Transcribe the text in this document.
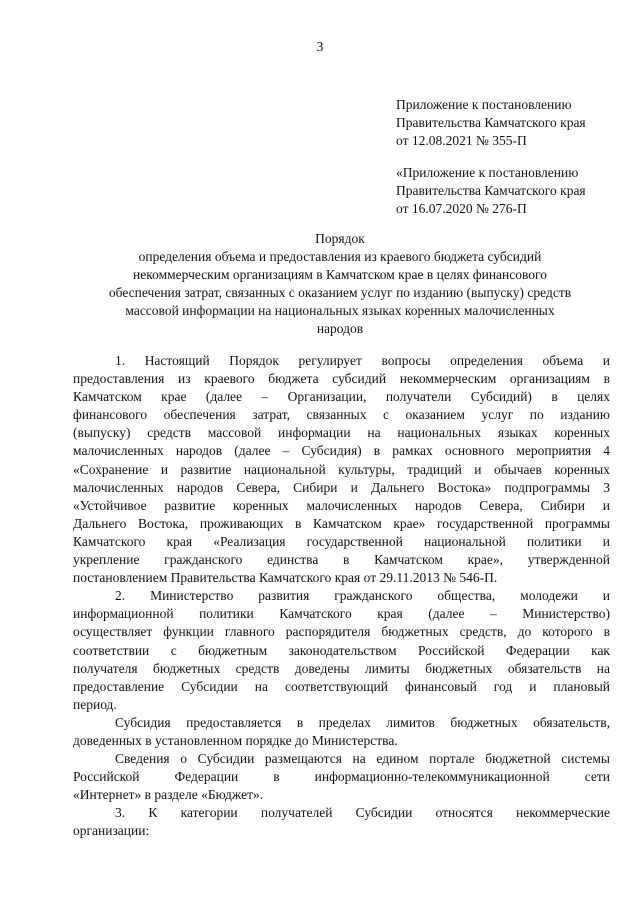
3
Приложение к постановлению
Правительства Камчатского края
от 12.08.2021 № 355-П
«Приложение к постановлению
Правительства Камчатского края
от 16.07.2020 № 276-П
Порядок
определения объема и предоставления из краевого бюджета субсидий
некоммерческим организациям в Камчатском крае в целях финансового
обеспечения затрат, связанных с оказанием услуг по изданию (выпуску) средств
массовой информации на национальных языках коренных малочисленных
народов
1. Настоящий Порядок регулирует вопросы определения объема и
предоставления из краевого бюджета субсидий некоммерческим организациям в
Камчатском крае (далее – Организации, получатели Субсидий) в целях
финансового обеспечения затрат, связанных с оказанием услуг по изданию
(выпуску) средств массовой информации на национальных языках коренных
малочисленных народов (далее – Субсидия) в рамках основного мероприятия 4
«Сохранение и развитие национальной культуры, традиций и обычаев коренных
малочисленных народов Севера, Сибири и Дальнего Востока» подпрограммы 3
«Устойчивое развитие коренных малочисленных народов Севера, Сибири и
Дальнего Востока, проживающих в Камчатском крае» государственной программы
Камчатского края «Реализация государственной национальной политики и
укрепление гражданского единства в Камчатском крае», утвержденной
постановлением Правительства Камчатского края от 29.11.2013 № 546-П.
2. Министерство развития гражданского общества, молодежи и
информационной политики Камчатского края (далее – Министерство)
осуществляет функции главного распорядителя бюджетных средств, до которого в
соответствии с бюджетным законодательством Российской Федерации как
получателя бюджетных средств доведены лимиты бюджетных обязательств на
предоставление Субсидии на соответствующий финансовый год и плановый
период.
Субсидия предоставляется в пределах лимитов бюджетных обязательств,
доведенных в установленном порядке до Министерства.
Сведения о Субсидии размещаются на едином портале бюджетной системы
Российской Федерации в информационно-телекоммуникационной сети
«Интернет» в разделе «Бюджет».
3. К категории получателей Субсидии относятся некоммерческие
организации:
